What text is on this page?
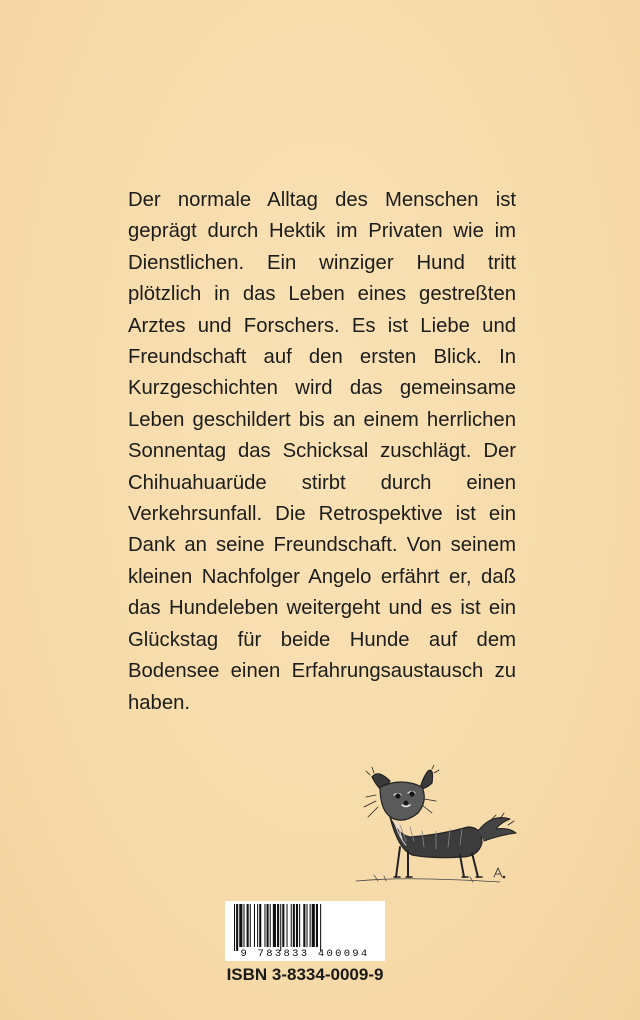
Der normale Alltag des Menschen ist geprägt durch Hektik im Privaten wie im Dienstlichen. Ein winziger Hund tritt plötzlich in das Leben eines gestreßten Arztes und Forschers. Es ist Liebe und Freundschaft auf den ersten Blick. In Kurzgeschichten wird das gemeinsame Leben geschildert bis an einem herrlichen Sonnentag das Schicksal zuschlägt. Der Chihuahuarüde stirbt durch einen Verkehrsunfall. Die Retrospektive ist ein Dank an seine Freundschaft. Von seinem kleinen Nachfolger Angelo erfährt er, daß das Hundeleben weitergeht und es ist ein Glückstag für beide Hunde auf dem Bodensee einen Erfahrungsaustausch zu haben.

9 783833 400094
ISBN 3-8334-0009-9
